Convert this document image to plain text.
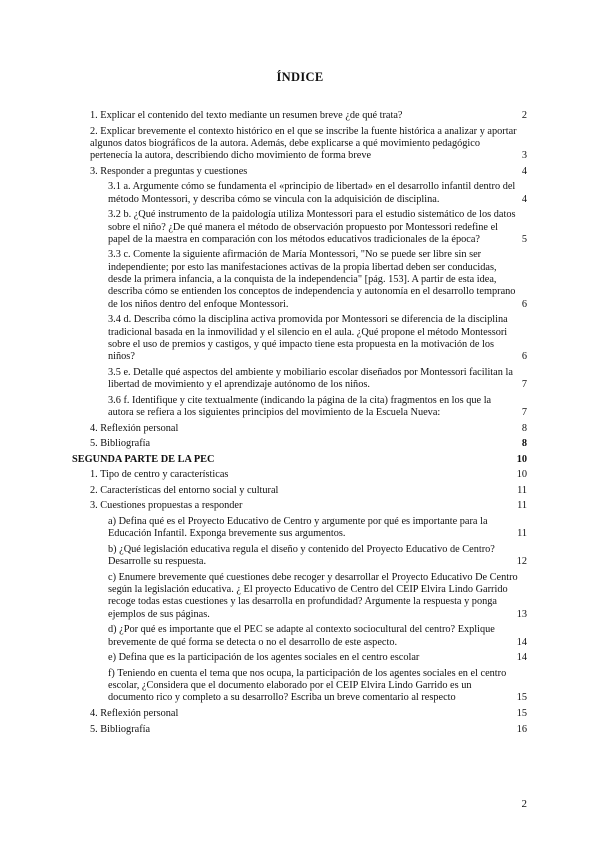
ÍNDICE
1. Explicar el contenido del texto mediante un resumen breve ¿de qué trata?	2
2. Explicar brevemente el contexto histórico en el que se inscribe la fuente histórica a analizar y aportar algunos datos biográficos de la autora. Además, debe explicarse a qué movimiento pedagógico pertenecía la autora, describiendo dicho movimiento de forma breve	3
3. Responder a preguntas y cuestiones	4
3.1 a. Argumente cómo se fundamenta el «principio de libertad» en el desarrollo infantil dentro del método Montessori, y describa cómo se vincula con la adquisición de disciplina.	4
3.2 b. ¿Qué instrumento de la paidología utiliza Montessori para el estudio sistemático de los datos sobre el niño? ¿De qué manera el método de observación propuesto por Montessori redefine el papel de la maestra en comparación con los métodos educativos tradicionales de la época?	5
3.3 c. Comente la siguiente afirmación de María Montessori, "No se puede ser libre sin ser independiente; por esto las manifestaciones activas de la propia libertad deben ser conducidas, desde la primera infancia, a la conquista de la independencia" [pág. 153]. A partir de esta idea, describa cómo se entienden los conceptos de independencia y autonomía en el desarrollo temprano de los niños dentro del enfoque Montessori.	6
3.4 d. Describa cómo la disciplina activa promovida por Montessori se diferencia de la disciplina tradicional basada en la inmovilidad y el silencio en el aula. ¿Qué propone el método Montessori sobre el uso de premios y castigos, y qué impacto tiene esta propuesta en la motivación de los niños?	6
3.5 e. Detalle qué aspectos del ambiente y mobiliario escolar diseñados por Montessori facilitan la libertad de movimiento y el aprendizaje autónomo de los niños.	7
3.6 f. Identifique y cite textualmente (indicando la página de la cita) fragmentos en los que la autora se refiera a los siguientes principios del movimiento de la Escuela Nueva:	7
4. Reflexión personal	8
5. Bibliografía	8
SEGUNDA PARTE DE LA PEC	10
1. Tipo de centro y características	10
2. Características del entorno social y cultural	11
3. Cuestiones propuestas a responder	11
a) Defina qué es el Proyecto Educativo de Centro y argumente por qué es importante para la Educación Infantil. Exponga brevemente sus argumentos.	11
b) ¿Qué legislación educativa regula el diseño y contenido del Proyecto Educativo de Centro? Desarrolle su respuesta.	12
c) Enumere brevemente qué cuestiones debe recoger y desarrollar el Proyecto Educativo De Centro según la legislación educativa. ¿ El proyecto Educativo de Centro del CEIP Elvira Lindo Garrido recoge todas estas cuestiones y las desarrolla en profundidad? Argumente la respuesta y ponga ejemplos de sus páginas.	13
d) ¿Por qué es importante que el PEC se adapte al contexto sociocultural del centro? Explique brevemente de qué forma se detecta o no el desarrollo de este aspecto.	14
e) Defina que es la participación de los agentes sociales en el centro escolar	14
f) Teniendo en cuenta el tema que nos ocupa, la participación de los agentes sociales en el centro escolar, ¿Considera que el documento elaborado por el CEIP Elvira Lindo Garrido es un documento rico y completo a su desarrollo? Escriba un breve comentario al respecto	15
4. Reflexión personal	15
5. Bibliografía	16
2
